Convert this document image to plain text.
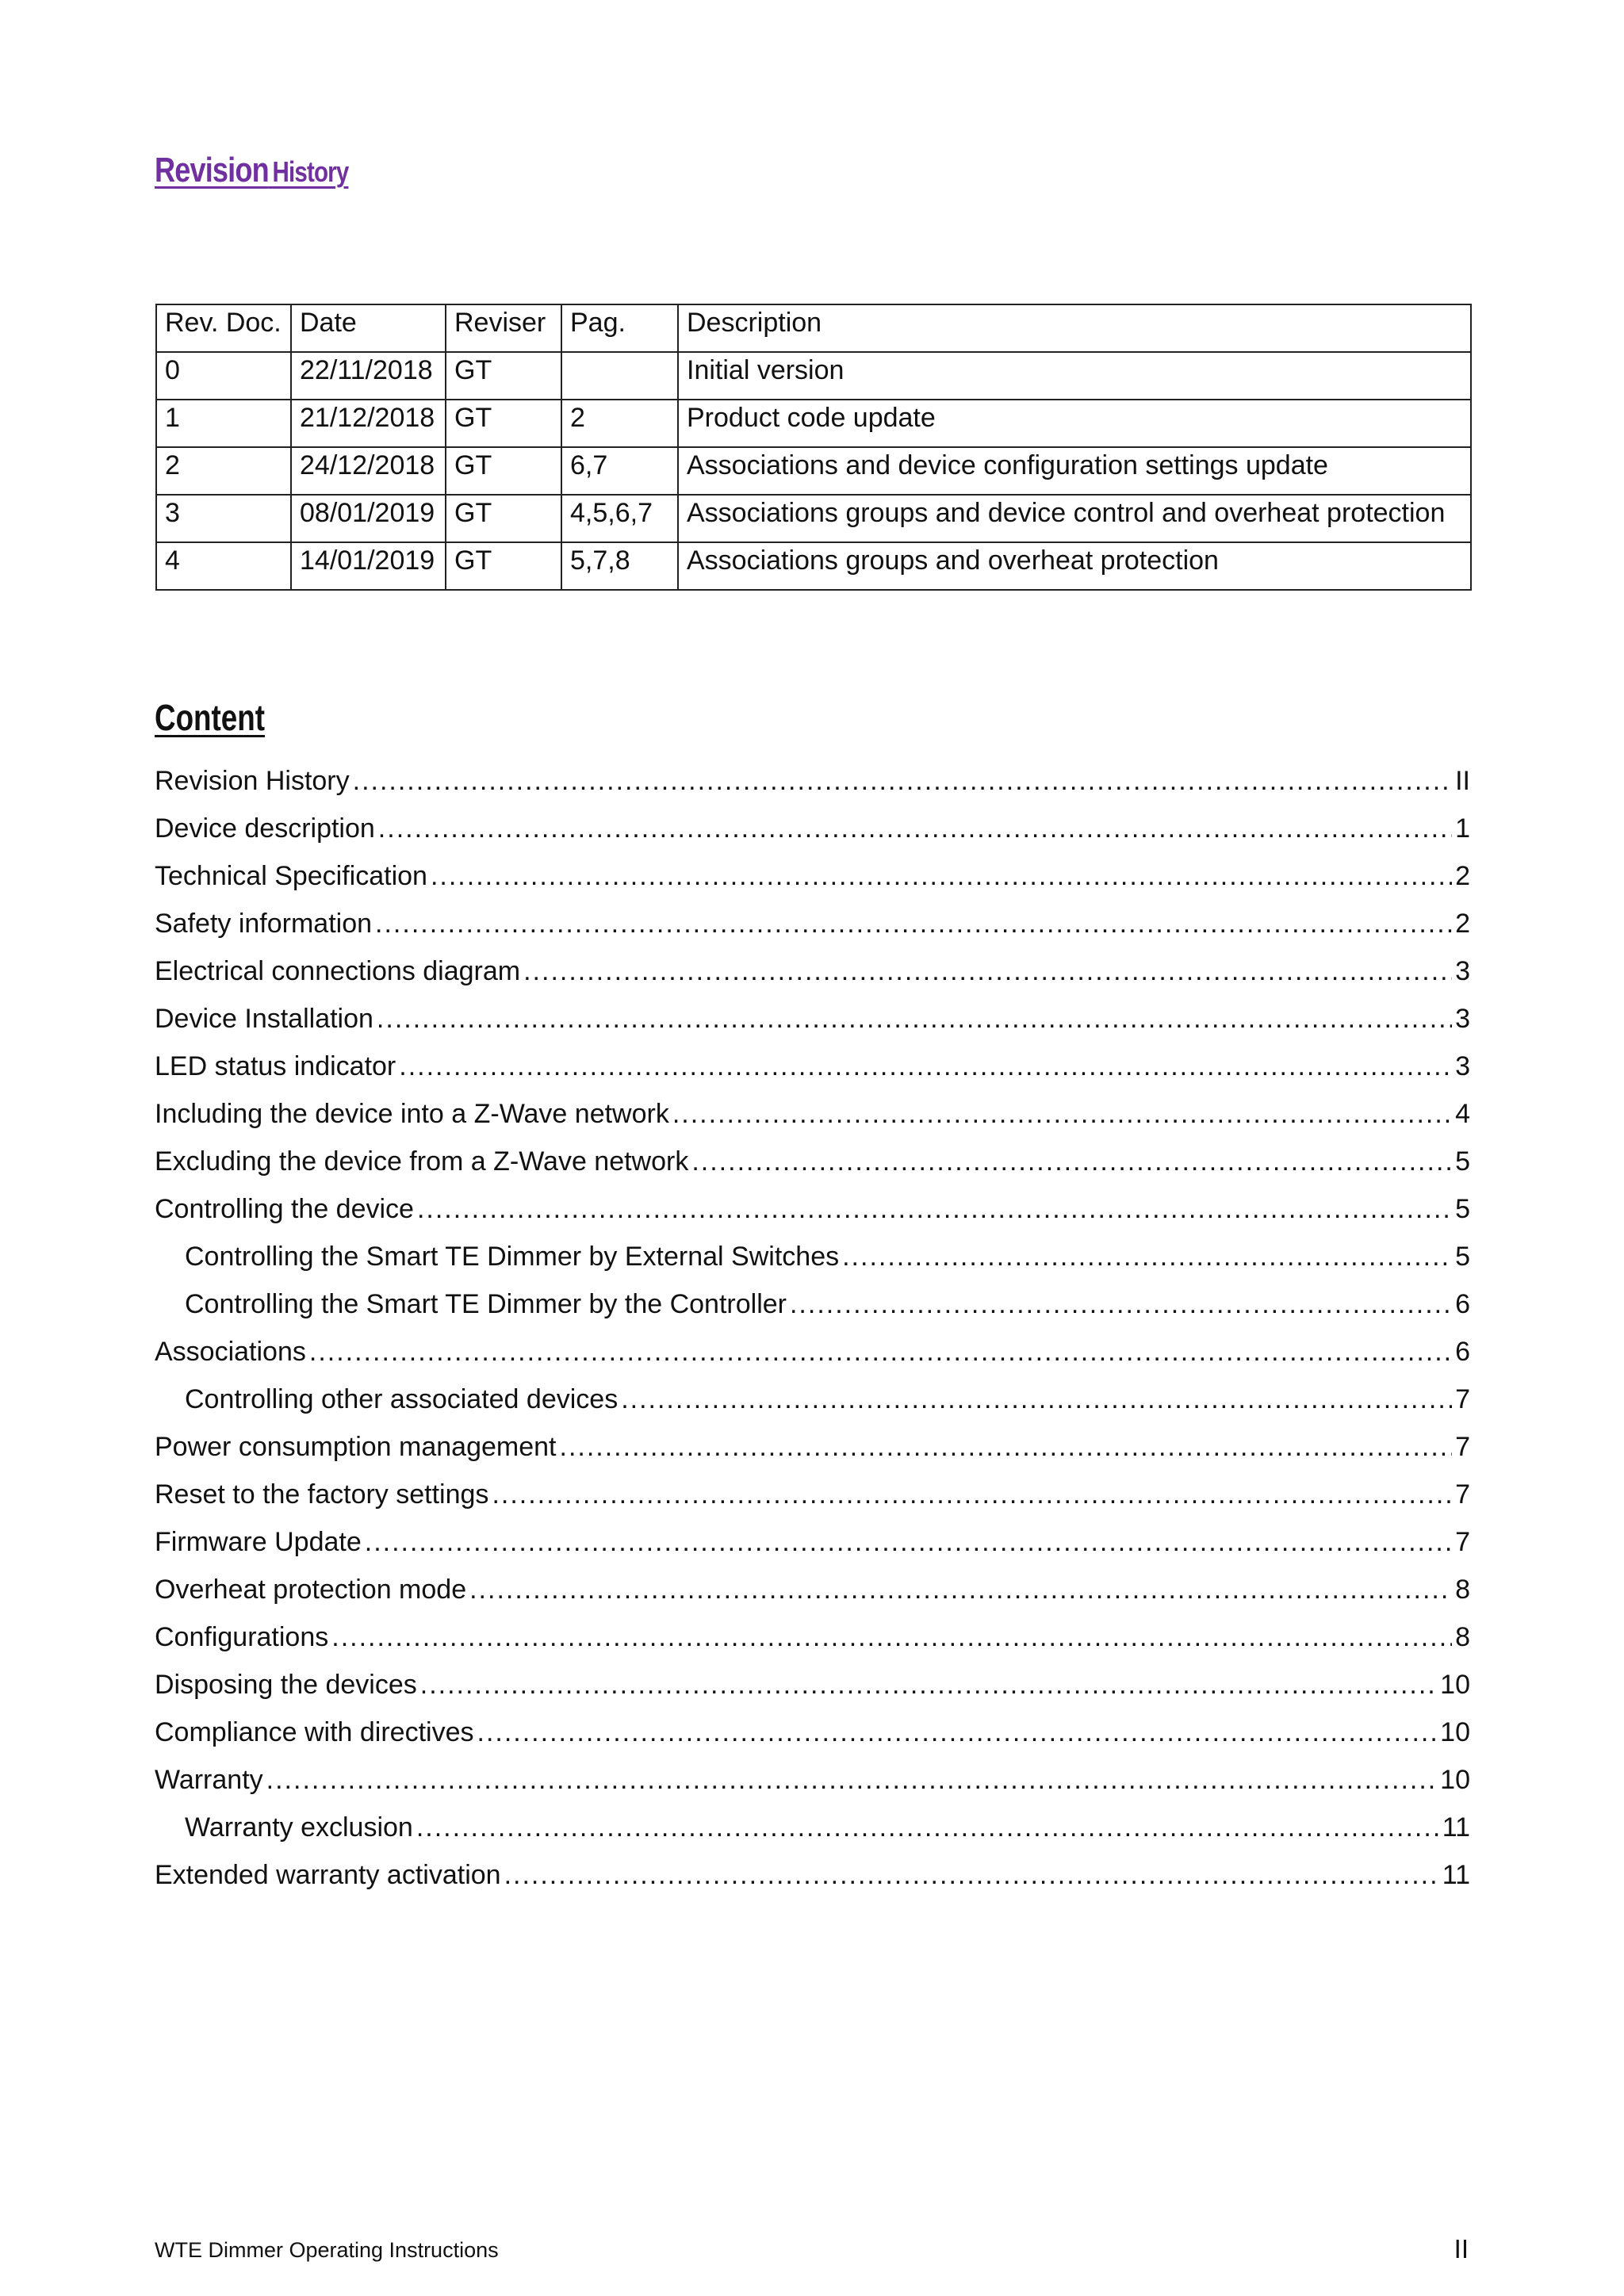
Revision History
Rev. Doc.	Date	Reviser	Pag.	Description
0	22/11/2018	GT		Initial version
1	21/12/2018	GT	2	Product code update
2	24/12/2018	GT	6,7	Associations and device configuration settings update
3	08/01/2019	GT	4,5,6,7	Associations groups and device control and overheat protection
4	14/01/2019	GT	5,7,8	Associations groups and overheat protection
Content
Revision History .....	II
Device description .....	1
Technical Specification .....	2
Safety information .....	2
Electrical connections diagram .....	3
Device Installation .....	3
LED status indicator .....	3
Including the device into a Z-Wave network .....	4
Excluding the device from a Z-Wave network .....	5
Controlling the device .....	5
Controlling the Smart TE Dimmer by External Switches .....	5
Controlling the Smart TE Dimmer by the Controller .....	6
Associations .....	6
Controlling other associated devices .....	7
Power consumption management .....	7
Reset to the factory settings .....	7
Firmware Update .....	7
Overheat protection mode .....	8
Configurations .....	8
Disposing the devices .....	10
Compliance with directives .....	10
Warranty .....	10
Warranty exclusion .....	11
Extended warranty activation .....	11
WTE Dimmer Operating Instructions	II
